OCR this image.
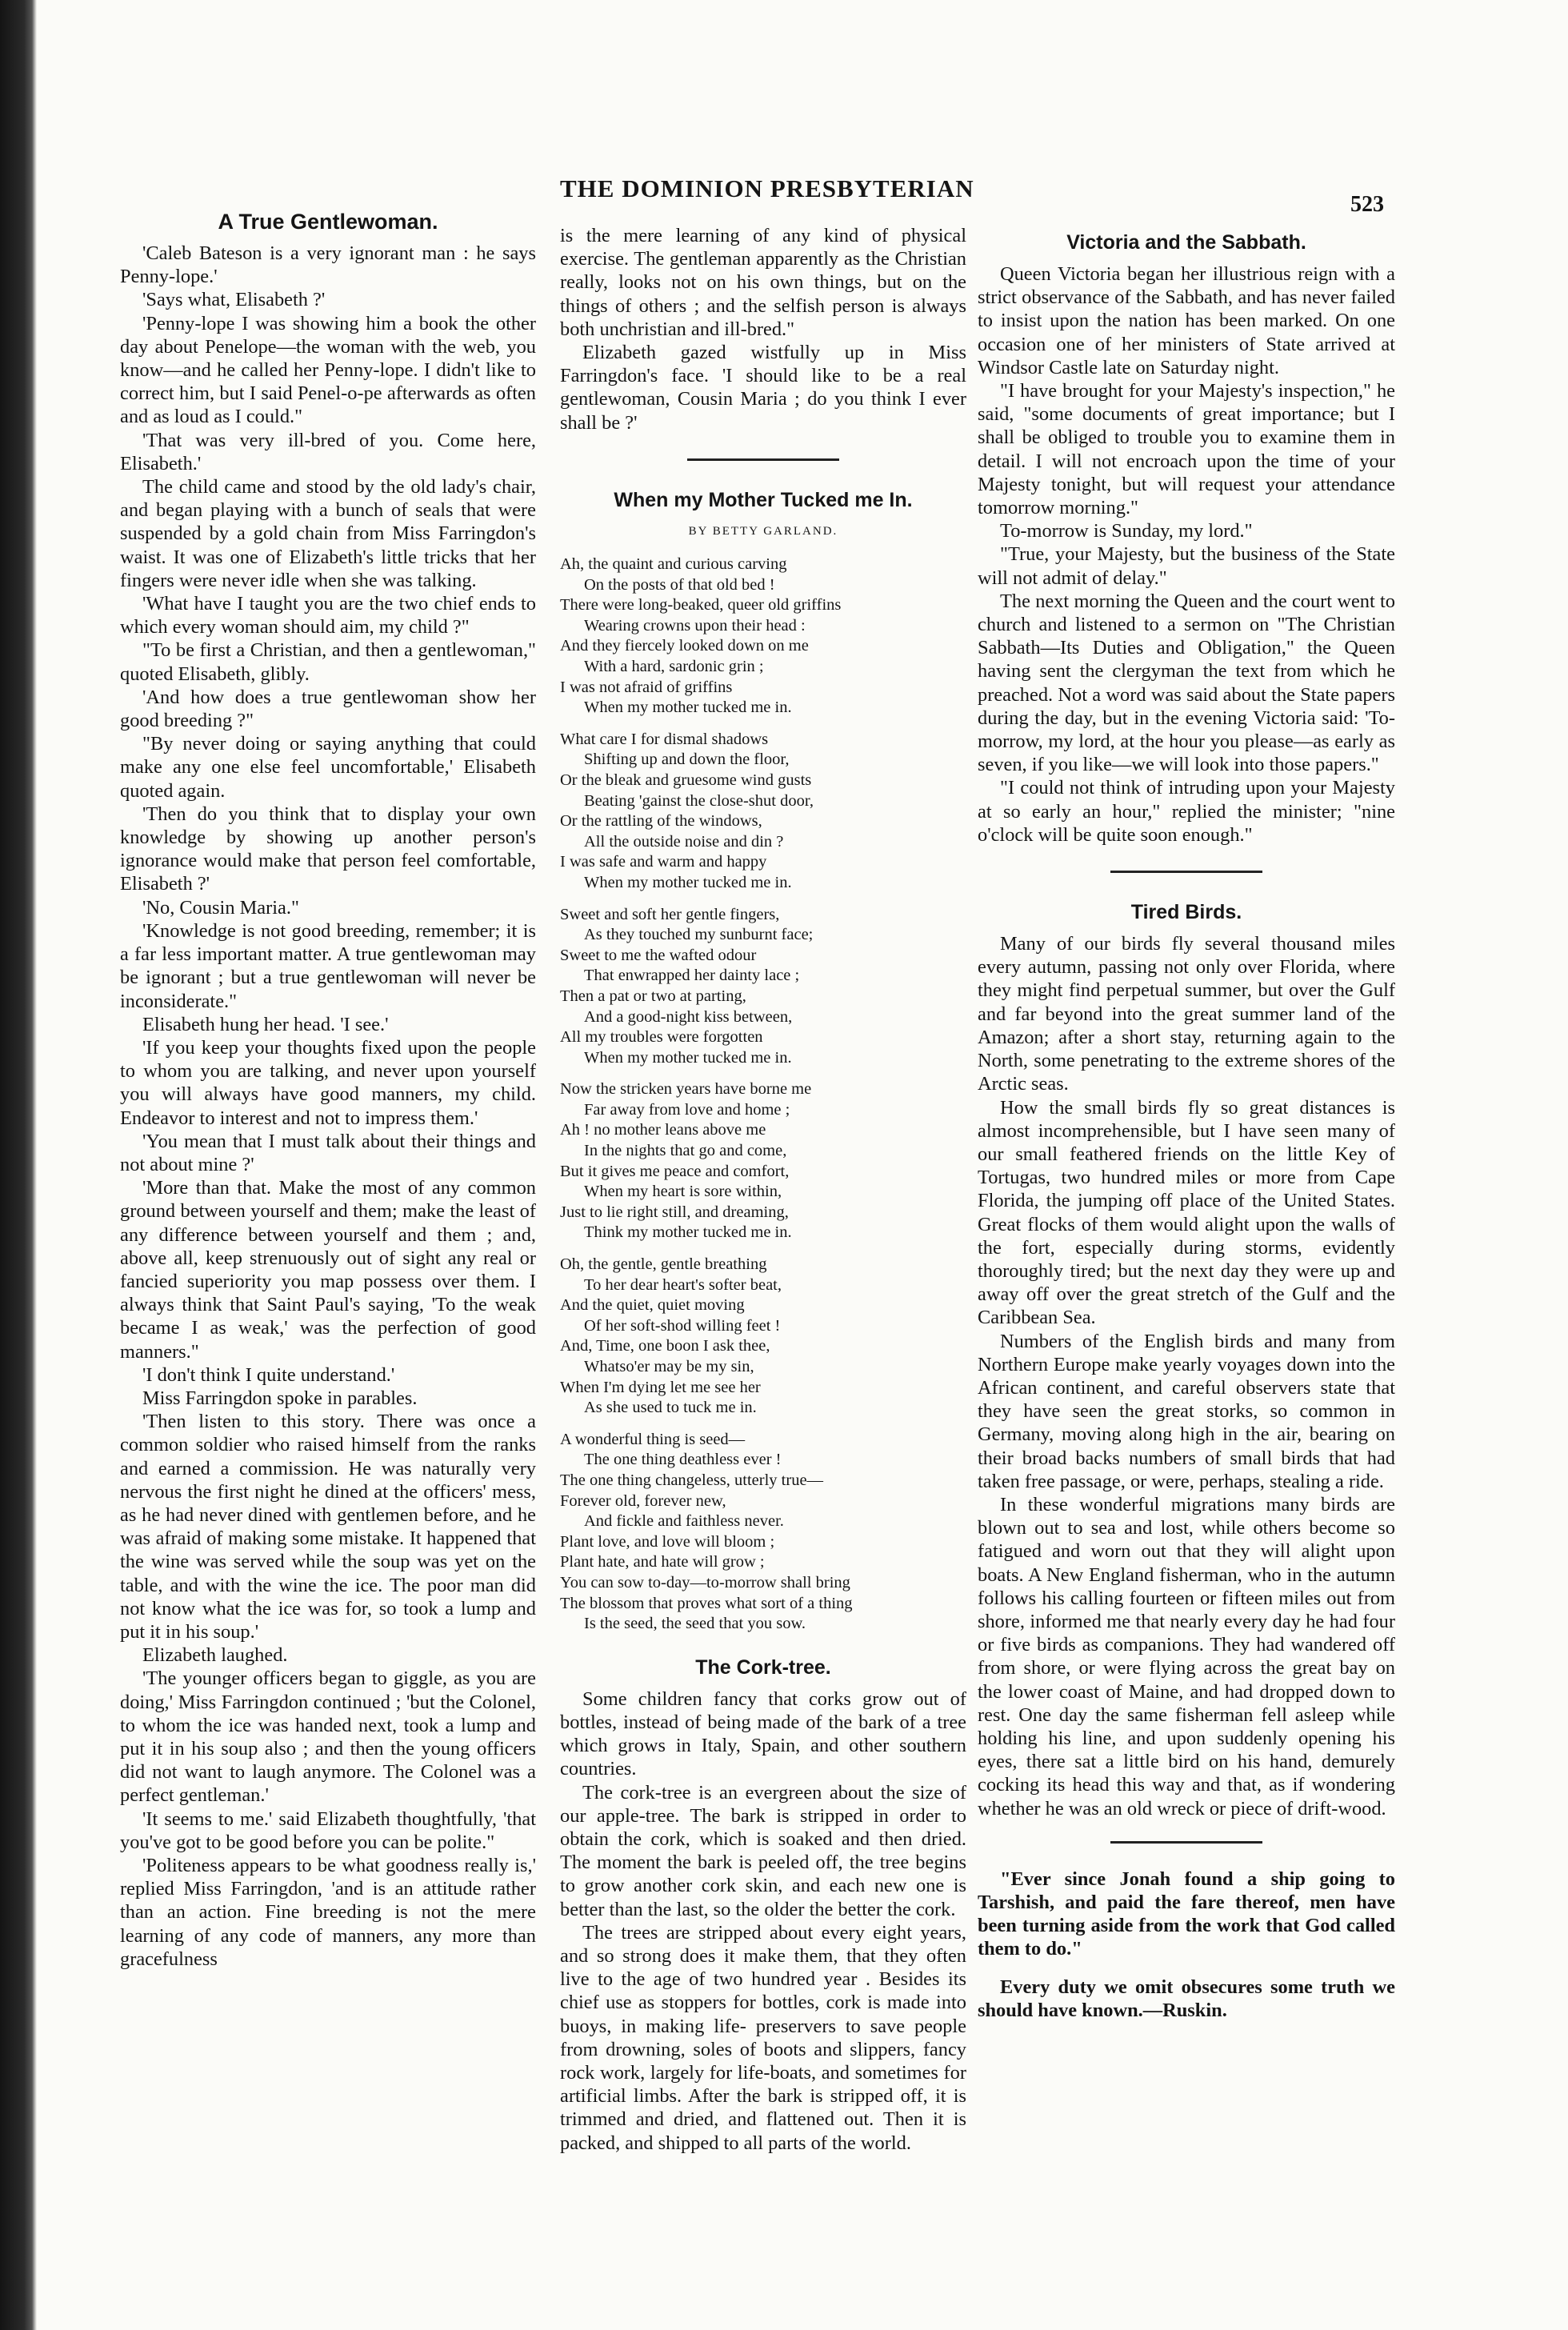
THE DOMINION PRESBYTERIAN
523
A True Gentlewoman.

'Caleb Bateson is a very ignorant man : he says Penny-lope.'

'Says what, Elisabeth ?'

'Penny-lope I was showing him a book the other day about Penelope—the woman with the web, you know—and he called her Penny-lope. I didn't like to correct him, but I said Penel-o-pe afterwards as often and as loud as I could."

'That was very ill-bred of you. Come here, Elisabeth.'

The child came and stood by the old lady's chair, and began playing with a bunch of seals that were suspended by a gold chain from Miss Farringdon's waist. It was one of Elizabeth's little tricks that her fingers were never idle when she was talking.

'What have I taught you are the two chief ends to which every woman should aim, my child ?"

"To be first a Christian, and then a gentlewoman," quoted Elisabeth, glibly.

'And how does a true gentlewoman show her good breeding ?"

"By never doing or saying anything that could make any one else feel uncomfortable,' Elisabeth quoted again.

'Then do you think that to display your own knowledge by showing up another person's ignorance would make that person feel comfortable, Elisabeth ?'

'No, Cousin Maria."

'Knowledge is not good breeding, remember; it is a far less important matter. A true gentlewoman may be ignorant ; but a true gentlewoman will never be inconsiderate."

Elisabeth hung her head. 'I see.'

'If you keep your thoughts fixed upon the people to whom you are talking, and never upon yourself you will always have good manners, my child. Endeavor to interest and not to impress them.'

'You mean that I must talk about their things and not about mine ?'

'More than that. Make the most of any common ground between yourself and them; make the least of any difference between yourself and them ; and, above all, keep strenuously out of sight any real or fancied superiority you map possess over them. I always think that Saint Paul's saying, 'To the weak became I as weak,' was the perfection of good manners."

'I don't think I quite understand.'

Miss Farringdon spoke in parables.

'Then listen to this story. There was once a common soldier who raised himself from the ranks and earned a commission. He was naturally very nervous the first night he dined at the officers' mess, as he had never dined with gentlemen before, and he was afraid of making some mistake. It happened that the wine was served while the soup was yet on the table, and with the wine the ice. The poor man did not know what the ice was for, so took a lump and put it in his soup.'

Elizabeth laughed.

'The younger officers began to giggle, as you are doing,' Miss Farringdon continued ; 'but the Colonel, to whom the ice was handed next, took a lump and put it in his soup also ; and then the young officers did not want to laugh anymore. The Colonel was a perfect gentleman.'

'It seems to me.' said Elizabeth thoughtfully, 'that you've got to be good before you can be polite."

'Politeness appears to be what goodness really is,' replied Miss Farringdon, 'and is an attitude rather than an action. Fine breeding is not the mere learning of any code of manners, any more than gracefulness

is the mere learning of any kind of physical exercise. The gentleman apparently as the Christian really, looks not on his own things, but on the things of others ; and the selfish person is always both unchristian and ill-bred."

Elizabeth gazed wistfully up in Miss Farringdon's face. 'I should like to be a real gentlewoman, Cousin Maria ; do you think I ever shall be ?'

When my Mother Tucked me In.
BY BETTY GARLAND.
Ah, the quaint and curious carving
On the posts of that old bed !
There were long-beaked, queer old griffins
Wearing crowns upon their head :
And they fiercely looked down on me
With a hard, sardonic grin ;
I was not afraid of griffins
When my mother tucked me in.
What care I for dismal shadows
Shifting up and down the floor,
Or the bleak and gruesome wind gusts
Beating 'gainst the close-shut door,
Or the rattling of the windows,
All the outside noise and din ?
I was safe and warm and happy
When my mother tucked me in.
Sweet and soft her gentle fingers,
As they touched my sunburnt face;
Sweet to me the wafted odour
That enwrapped her dainty lace ;
Then a pat or two at parting,
And a good-night kiss between,
All my troubles were forgotten
When my mother tucked me in.
Now the stricken years have borne me
Far away from love and home ;
Ah ! no mother leans above me
In the nights that go and come,
But it gives me peace and comfort,
When my heart is sore within,
Just to lie right still, and dreaming,
Think my mother tucked me in.
Oh, the gentle, gentle breathing
To her dear heart's softer beat,
And the quiet, quiet moving
Of her soft-shod willing feet !
And, Time, one boon I ask thee,
Whatso'er may be my sin,
When I'm dying let me see her
As she used to tuck me in.
A wonderful thing is seed—
The one thing deathless ever !
The one thing changeless, utterly true—
Forever old, forever new,
And fickle and faithless never.
Plant love, and love will bloom ;
Plant hate, and hate will grow ;
You can sow to-day—to-morrow shall bring
The blossom that proves what sort of a thing
Is the seed, the seed that you sow.
The Cork-tree.

Some children fancy that corks grow out of bottles, instead of being made of the bark of a tree which grows in Italy, Spain, and other southern countries.

The cork-tree is an evergreen about the size of our apple-tree. The bark is stripped in order to obtain the cork, which is soaked and then dried. The moment the bark is peeled off, the tree begins to grow another cork skin, and each new one is better than the last, so the older the better the cork.

The trees are stripped about every eight years, and so strong does it make them, that they often live to the age of two hundred year . Besides its chief use as stoppers for bottles, cork is made into buoys, in making life- preservers to save people from drowning, soles of boots and slippers, fancy rock work, largely for life-boats, and sometimes for artificial limbs. After the bark is stripped off, it is trimmed and dried, and flattened out. Then it is packed, and shipped to all parts of the world.

Victoria and the Sabbath.

Queen Victoria began her illustrious reign with a strict observance of the Sabbath, and has never failed to insist upon the nation has been marked. On one occasion one of her ministers of State arrived at Windsor Castle late on Saturday night.

"I have brought for your Majesty's inspection," he said, "some documents of great importance; but I shall be obliged to trouble you to examine them in detail. I will not encroach upon the time of your Majesty tonight, but will request your attendance tomorrow morning."

To-morrow is Sunday, my lord."

"True, your Majesty, but the business of the State will not admit of delay."

The next morning the Queen and the court went to church and listened to a sermon on "The Christian Sabbath—Its Duties and Obligation," the Queen having sent the clergyman the text from which he preached. Not a word was said about the State papers during the day, but in the evening Victoria said: 'To-morrow, my lord, at the hour you please—as early as seven, if you like—we will look into those papers."

"I could not think of intruding upon your Majesty at so early an hour," replied the minister; "nine o'clock will be quite soon enough."

Tired Birds.

Many of our birds fly several thousand miles every autumn, passing not only over Florida, where they might find perpetual summer, but over the Gulf and far beyond into the great summer land of the Amazon; after a short stay, returning again to the North, some penetrating to the extreme shores of the Arctic seas.

How the small birds fly so great distances is almost incomprehensible, but I have seen many of our small feathered friends on the little Key of Tortugas, two hundred miles or more from Cape Florida, the jumping off place of the United States. Great flocks of them would alight upon the walls of the fort, especially during storms, evidently thoroughly tired; but the next day they were up and away off over the great stretch of the Gulf and the Caribbean Sea.

Numbers of the English birds and many from Northern Europe make yearly voyages down into the African continent, and careful observers state that they have seen the great storks, so common in Germany, moving along high in the air, bearing on their broad backs numbers of small birds that had taken free passage, or were, perhaps, stealing a ride.

In these wonderful migrations many birds are blown out to sea and lost, while others become so fatigued and worn out that they will alight upon boats. A New England fisherman, who in the autumn follows his calling fourteen or fifteen miles out from shore, informed me that nearly every day he had four or five birds as companions. They had wandered off from shore, or were flying across the great bay on the lower coast of Maine, and had dropped down to rest. One day the same fisherman fell asleep while holding his line, and upon suddenly opening his eyes, there sat a little bird on his hand, demurely cocking its head this way and that, as if wondering whether he was an old wreck or piece of drift-wood.

"Ever since Jonah found a ship going to Tarshish, and paid the fare thereof, men have been turning aside from the work that God called them to do."

Every duty we omit obsecures some truth we should have known.—Ruskin.
